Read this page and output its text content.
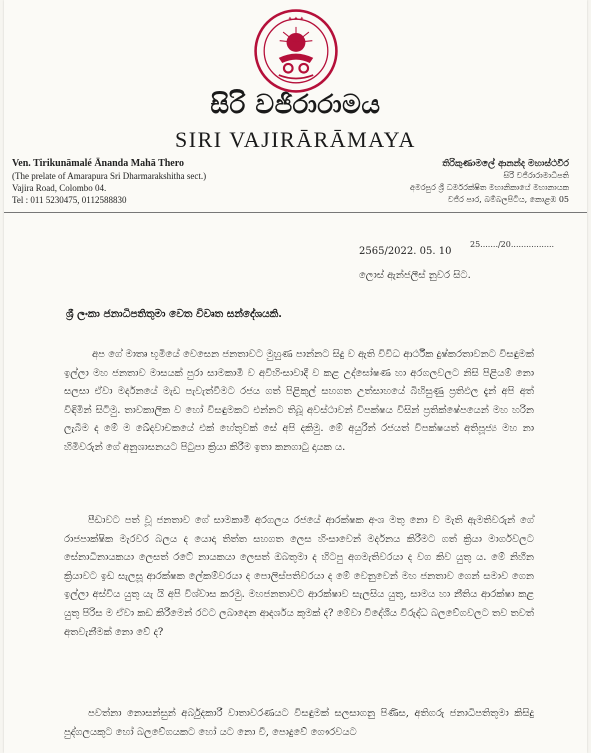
✦ ✦ ✦
සිරි වජිරාරාමය
SIRI VAJIRĀRĀMAYA
Ven. Tirikunāmalé Ānanda Mahā Thero
(The prelate of Amarapura Sri Dharmarakshitha sect.)
Vajira Road, Colombo 04.
Tel : 011 5230475, 0112588830
තිරිකුණාමලේ ආනන්ද මහාස්ථවිර
සිරි වජිරාරාමාධිපති
අමරපුර ශ්‍රී ධර්මරක්ෂිත මහානිකායේ මහානායක
වජිර පාර, බම්බලපිටිය, කොළඹ 05
25......./20.................
2565/2022. 05. 10
ලොස් ඇන්ජලීස් නුවර සිට.
ශ්‍රී ලංකා ජනාධිපතිතුමා වෙත විවෘත සන්දේශයකි.

අප ගේ මාතෘ භූමියේ වෙසෙන ජනතාවට මුහුණ පාන්නට සිදු ව ඇති විවිධ ආර්ථීක දුෂ්කරතාවනට විසඳුමක් ඉල්ලා මහ ජනතාව මාසයක් පුරා සාමකාමී ව අවිහිංසාවාදී ව කළ උද්ඝෝෂණ හා අරගලවලට නිසි පිළියම් නො සලසා ඒවා මර්දනයේ මැඩ පැවැත්වීමට රජය ගත් පිළිකුල් සහගත උත්සාහයේ බිහිසුණු ප්‍රතිඵල දැන් අපි අත් විඳිමින් සිටිමු. තාවකාලික ව හෝ විසඳුමකට එන්නට තිබූ අවස්ථාවන් විපක්ෂය විසින් ප්‍රතික්ෂේපයෙන් මහ හරින ලැබීම ද මේ ම ඛේදවාචකයේ එක් හේතුවක් සේ අපි දකිමු. මේ අයුරින් රජයත් විපක්ෂයත් අතිපූජ්‍ය මහ නා හිමිවරුන් ගේ අනුශාසනයට පිටුපා ක්‍රියා කිරීම ඉතා කනගාටු දායක ය.

පීඩාවට පත් වූ ජනතාව ගේ සාමකාමී අරගලය රජයේ ආරක්ෂක අංශ මතු නො ව මැති ඇමතිවරුන් ගේ රාජපාක්ෂික මැරවර බලය ද යොදා තිත්ත සහගත ලෙස හිංසාවෙන් මර්දනය කිරීමට ගත් ක්‍රියා මාර්ගවලට සේනාධිනායකයා ලෙසත් රටේ නායකයා ලෙසත් ඔබතුමා ද හිටපු අගමැතිවරයා ද වග කිව යුතු ය. මේ නිහීන ක්‍රියාවට ඉඩ සැලසූ ආරක්ෂක ලේකම්වරයා ද පොලිස්පතිවරයා ද මේ වෙනුවෙන් මහ ජනතාව ගෙන් සමාව ගෙන ඉල්ලා අස්විය යුතු යැ යි අපි විශ්වාස කරමු. මහජනතාවට ආරක්ෂාව සැලසිය යුතු, සාමය හා නීතිය ආරක්ෂා කළ යුතු පිරිස ම ඒවා කඩ කිරීමෙන් රටට ලබාදෙන ආදර්ශය කුමක් ද? මේවා විදේශීය විරුද්ධ බලවේගවලට තව තවත් අතවැනීමක් නො වේ ද?

පවත්නා නොසන්සුන් අර්බුදකාරී වාතාවරණයට විසඳුමක් සලසාගනු පිණිස, අතිගරු ජනාධිපතිතුමා කිසිදු පුද්ගලයකුට හෝ බලවේගයකට හෝ යට නො වී, පොදුවේ ගෞරවයට
